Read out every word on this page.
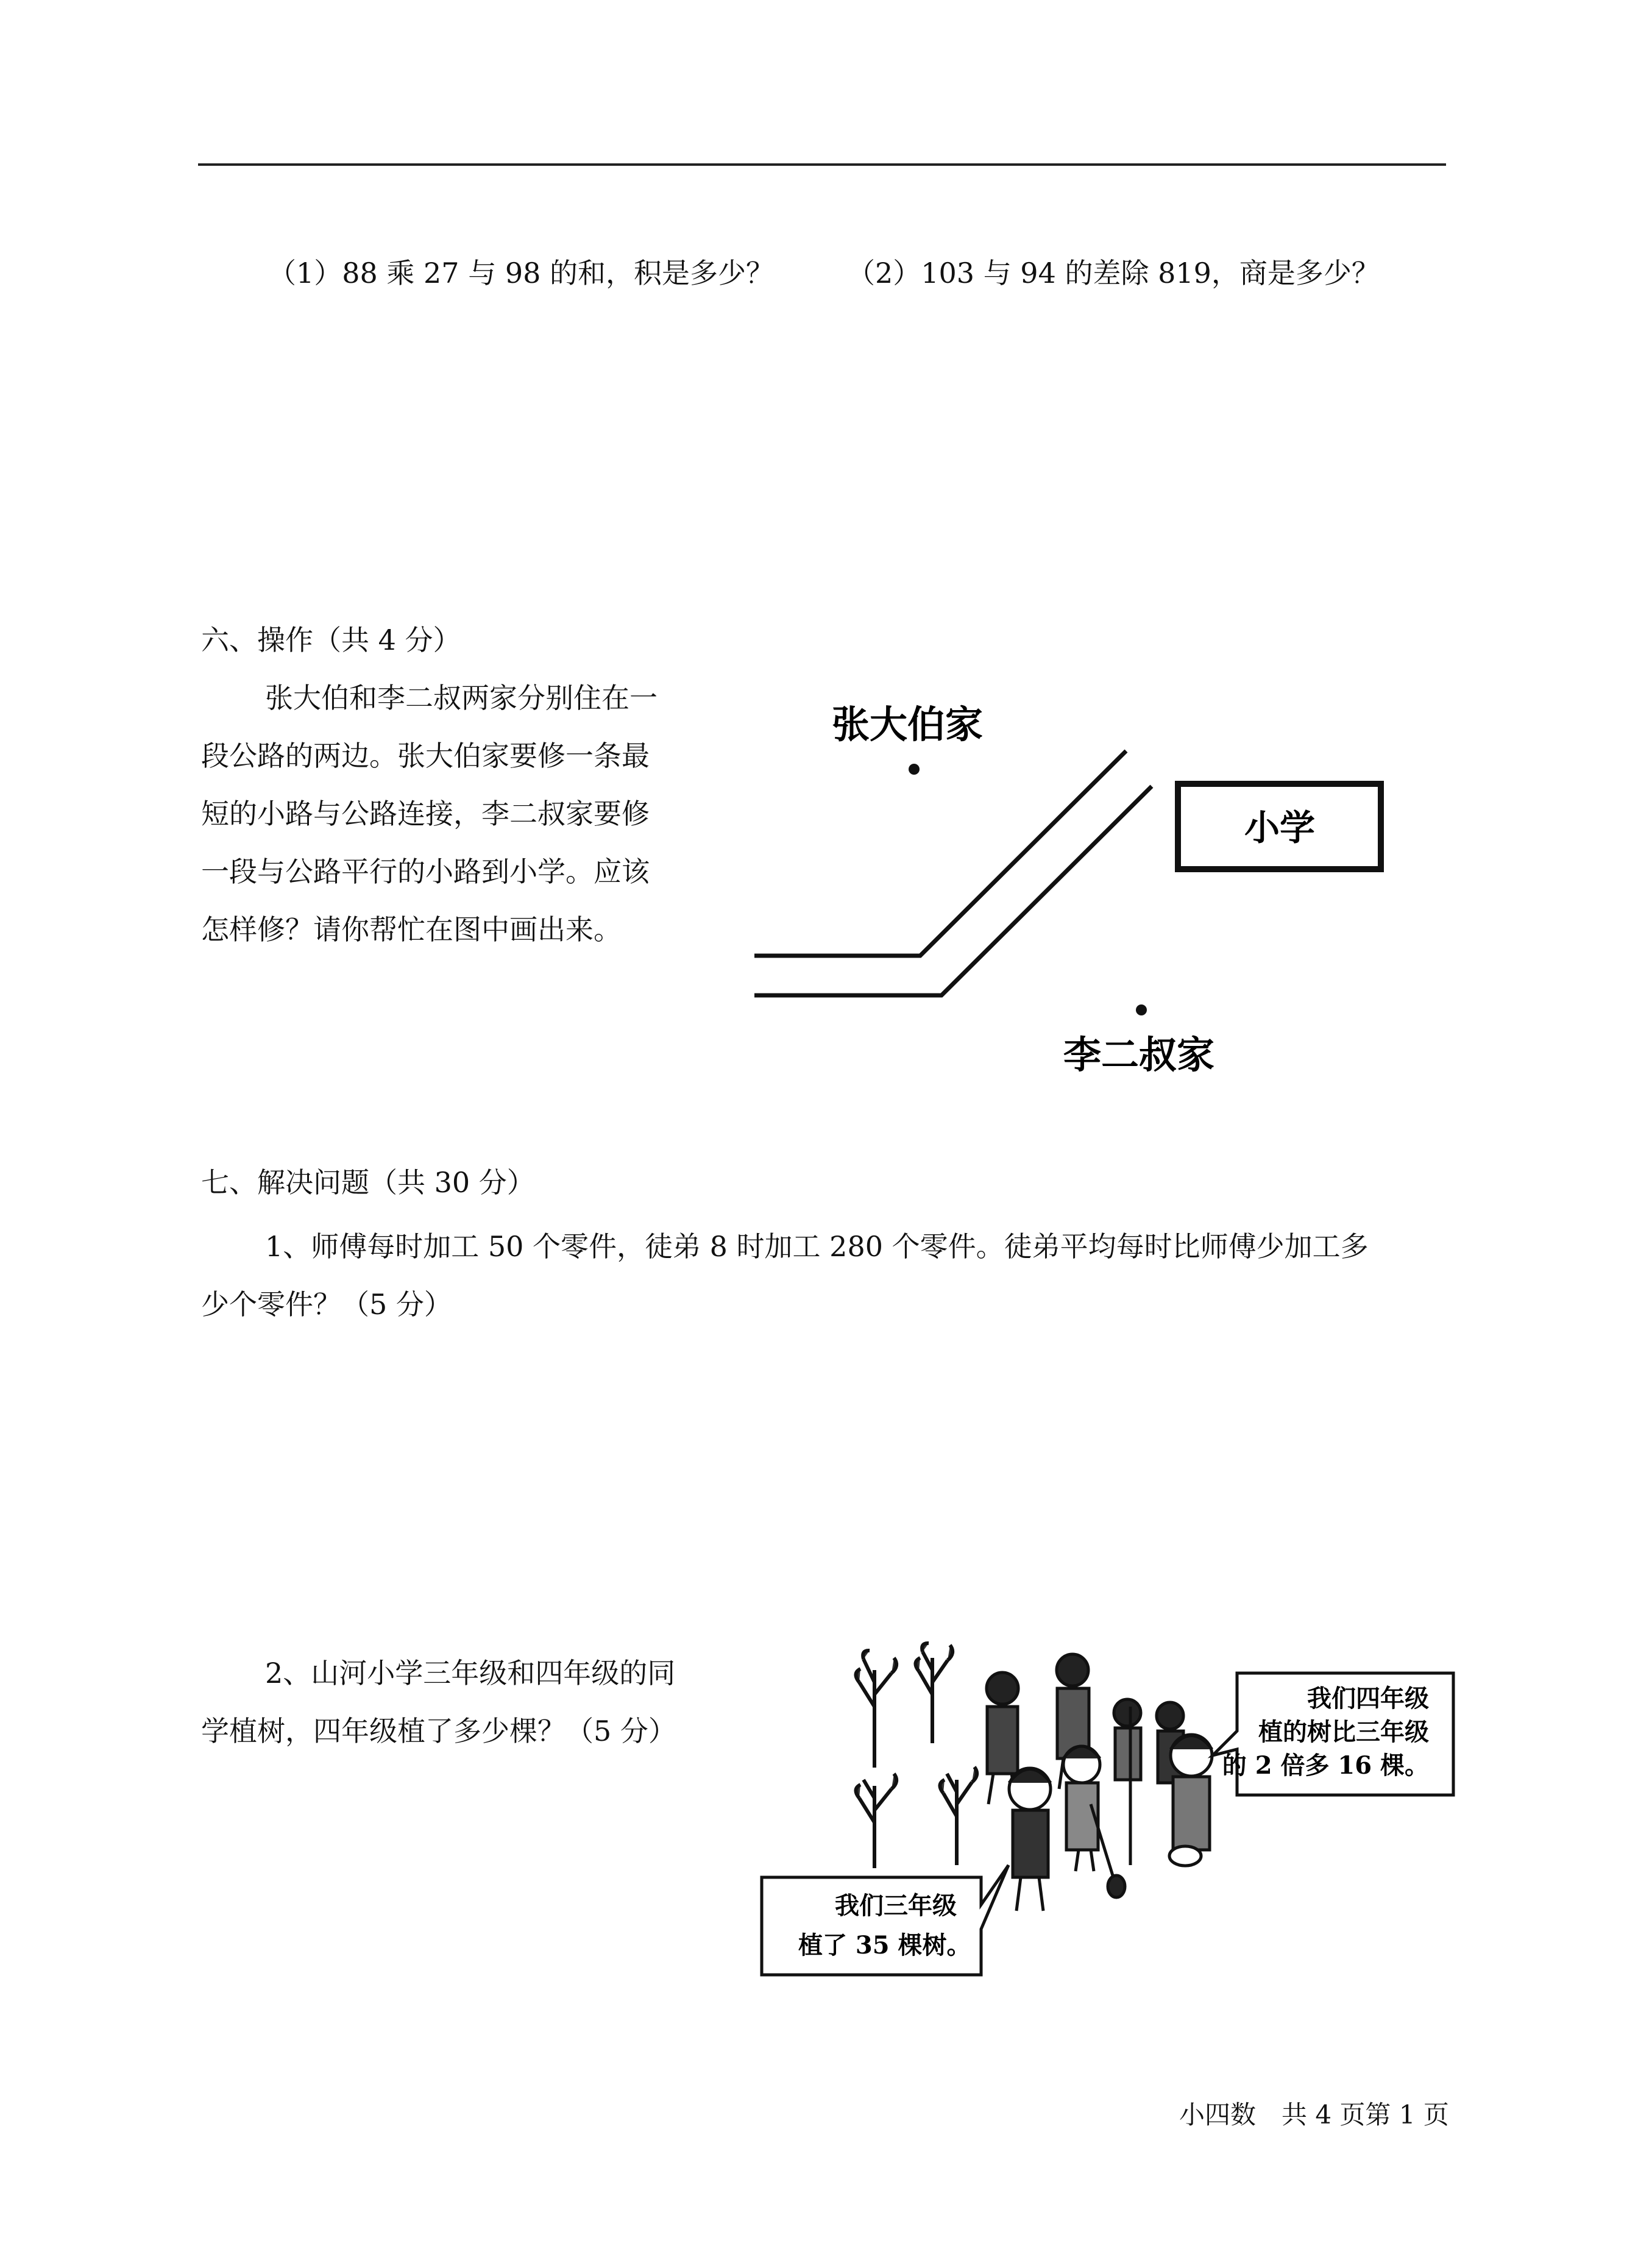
（1）88 乘 27 与 98 的和，积是多少？	（2）103 与 94 的差除 819，商是多少？
六、操作（共 4 分）
张大伯和李二叔两家分别住在一
段公路的两边。张大伯家要修一条最
短的小路与公路连接，李二叔家要修
一段与公路平行的小路到小学。应该
怎样修？请你帮忙在图中画出来。
小学
张大伯家
李二叔家
我们四年级
植的树比三年级
的 2 倍多 16 棵。
我们三年级
植了 35 棵树。
七、解决问题（共 30 分）
1、师傅每时加工 50 个零件，徒弟 8 时加工 280 个零件。徒弟平均每时比师傅少加工多
少个零件？（5 分）
2、山河小学三年级和四年级的同
学植树，四年级植了多少棵？（5 分）
小四数　共 4 页第 1 页
